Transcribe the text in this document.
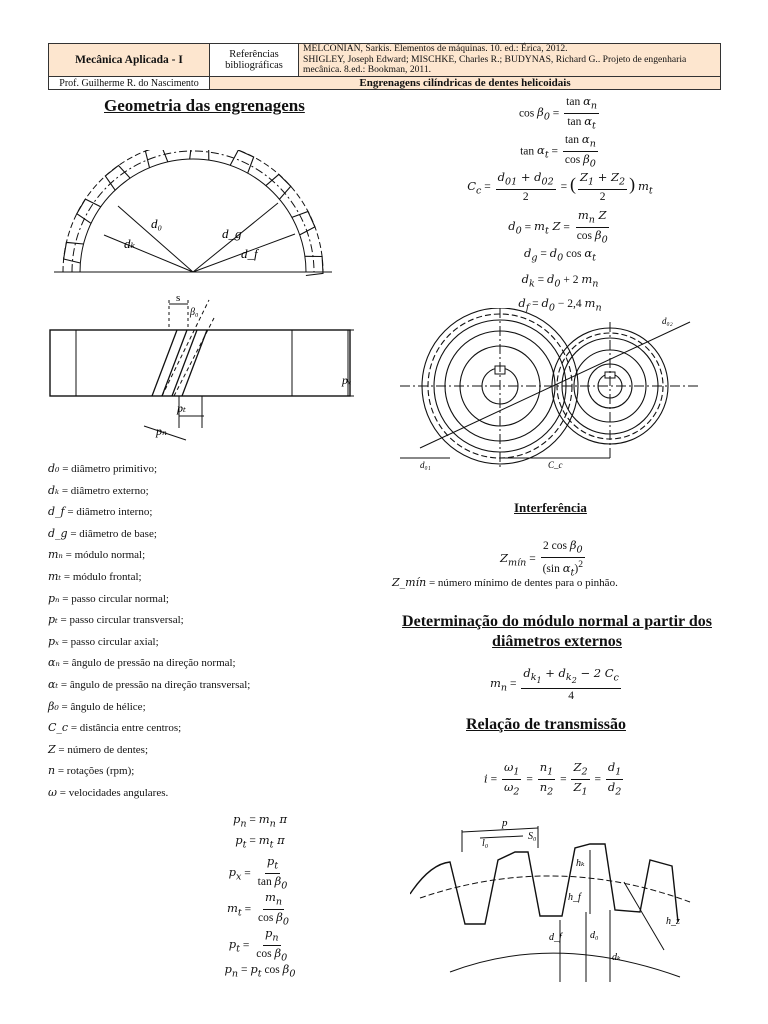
Mecânica Aplicada - I	Referências bibliográficas	MELCONIAN, Sarkis. Elementos de máquinas. 10. ed.: Érica, 2012.
SHIGLEY, Joseph Edward; MISCHKE, Charles R.; BUDYNAS, Richard G.. Projeto de engenharia mecânica. 8.ed.: Bookman, 2011.

Prof. Guilherme R. do Nascimento	Engrenagens cilíndricas de dentes helicoidais	
Geometria das engrenagens
d₀
dₖ
d_g
d_f
s
β₀
pₓ
pₜ
pₙ
d₀ = diâmetro primitivo;
dₖ = diâmetro externo;
d_f = diâmetro interno;
d_g = diâmetro de base;
mₙ = módulo normal;
mₜ = módulo frontal;
pₙ = passo circular normal;
pₜ = passo circular transversal;
pₓ = passo circular axial;
αₙ = ângulo de pressão na direção normal;
αₜ = ângulo de pressão na direção transversal;
β₀ = ângulo de hélice;
C_c = distância entre centros;
Z = número de dentes;
n = rotações (rpm);
ω = velocidades angulares.
$p_n = m_n$ π
$p_t = m_t$ π
$p_x = \frac{p_t}{\tan \beta_0}$
$m_t = \frac{m_n}{\cos \beta_0}$
$p_t = \frac{p_n}{\cos \beta_0}$
$p_n = p_t$ $\cos \beta_0$
$\cos \beta_0 = \frac{\tan \alpha_n}{\tan \alpha_t}$
$\tan \alpha_t = \frac{\tan \alpha_n}{\cos \beta_0}$
$C_c = \frac{d_{01} + d_{02}}{2}$ = ( $\frac{Z_1 + Z_2}{2}$ ) $m_t$
$d_0 = m_t$ $Z = \frac{m_n Z}{\cos \beta_0}$
$d_g = d_0$ $\cos \alpha_t$
$d_k = d_0 + 2$ $m_n$
$d_f = d_0 - 2,4$ $m_n$
d₀₂
d₀₁	C_c
Interferência
$Z_{mín} = \frac{2 \cos \beta_0}{(\sin \alpha_t)^2}$
Z_mín = número mínimo de dentes para o pinhão.
Determinação do módulo normal a partir dos diâmetros externos
$m_n = \frac{d_{k_1} + d_{k_2} - 2 C_c}{4}$
Relação de transmissão
$i = \frac{\omega_1}{\omega_2} = \frac{n_1}{n_2} = \frac{Z_2}{Z_1} = \frac{d_1}{d_2}$
p
S₀
l₀
hₖ
h_f
h_z
d_f	d₀
dₖ
